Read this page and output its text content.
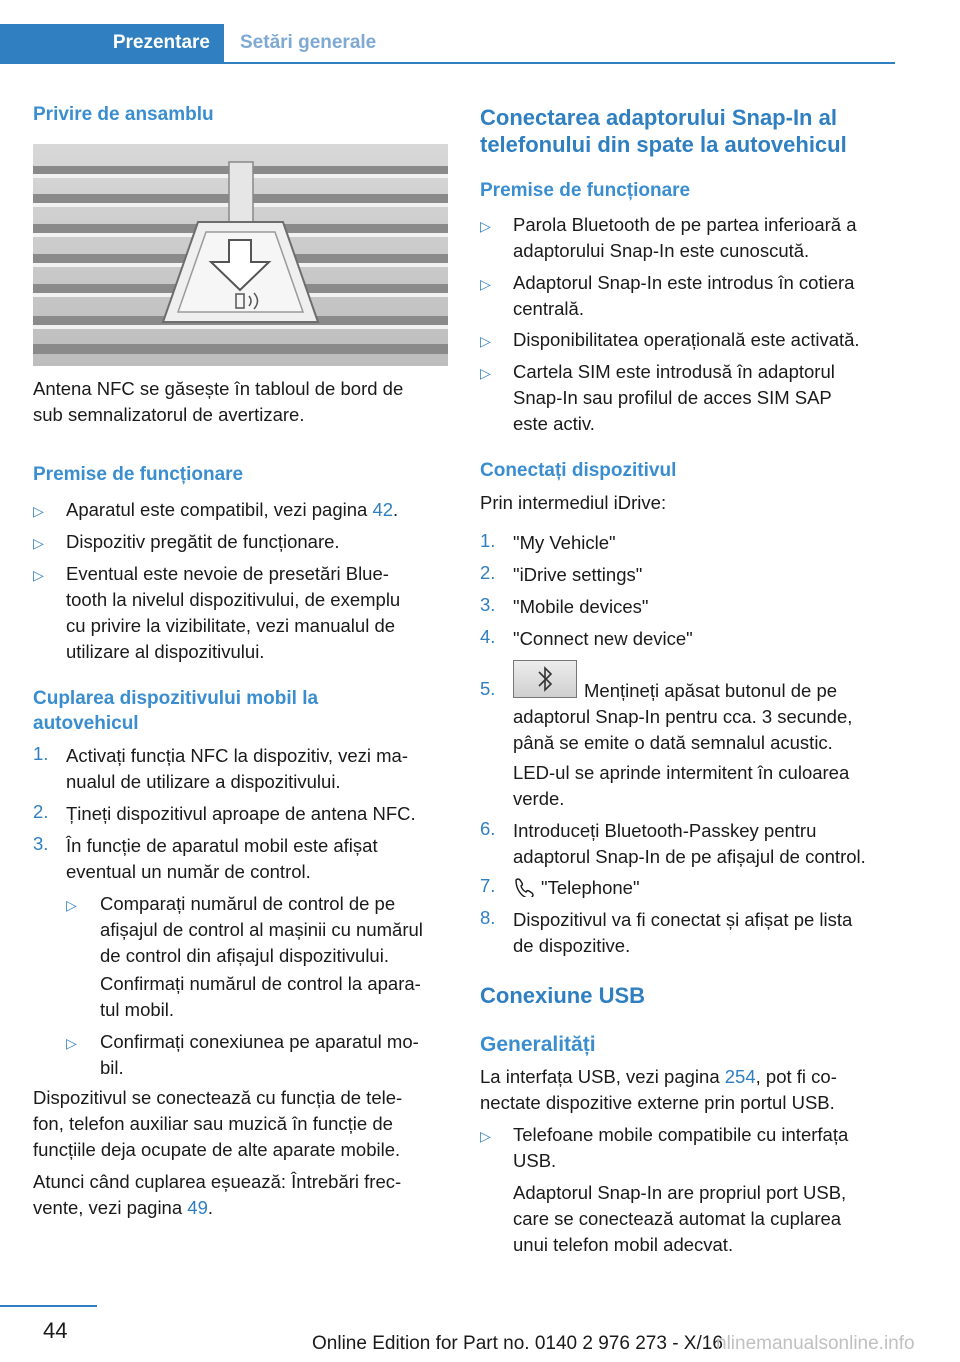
Prezentare	Setări generale
Privire de ansamblu
Antena NFC se găsește în tabloul de bord de
sub semnalizatorul de avertizare.
Premise de funcționare
▷ Aparatul este compatibil, vezi pagina 42.
▷ Dispozitiv pregătit de funcționare.
▷ Eventual este nevoie de presetări Blue-
tooth la nivelul dispozitivului, de exemplu
cu privire la vizibilitate, vezi manualul de
utilizare al dispozitivului.
Cuplarea dispozitivului mobil la
autovehicul
1. Activați funcția NFC la dispozitiv, vezi ma-
nualul de utilizare a dispozitivului.
2. Țineți dispozitivul aproape de antena NFC.
3. În funcție de aparatul mobil este afișat
eventual un număr de control.
▷ Comparați numărul de control de pe
afișajul de control al mașinii cu numărul
de control din afișajul dispozitivului.
Confirmați numărul de control la apara-
tul mobil.
▷ Confirmați conexiunea pe aparatul mo-
bil.
Dispozitivul se conectează cu funcția de tele-
fon, telefon auxiliar sau muzică în funcție de
funcțiile deja ocupate de alte aparate mobile.
Atunci când cuplarea eșuează: Întrebări frec-
vente, vezi pagina 49.
Conectarea adaptorului Snap-In al
telefonului din spate la autovehicul
Premise de funcționare
▷ Parola Bluetooth de pe partea inferioară a
adaptorului Snap-In este cunoscută.
▷ Adaptorul Snap-In este introdus în cotiera
centrală.
▷ Disponibilitatea operațională este activată.
▷ Cartela SIM este introdusă în adaptorul
Snap-In sau profilul de acces SIM SAP
este activ.
Conectați dispozitivul
Prin intermediul iDrive:
1. "My Vehicle"
2. "iDrive settings"
3. "Mobile devices"
4. "Connect new device"
5.	Mențineți apăsat butonul de pe
adaptorul Snap-In pentru cca. 3 secunde,
până se emite o dată semnalul acustic.
LED-ul se aprinde intermitent în culoarea
verde.
6. Introduceți Bluetooth-Passkey pentru
adaptorul Snap-In de pe afișajul de control.
7. "Telephone"
8. Dispozitivul va fi conectat și afișat pe lista
de dispozitive.
Conexiune USB
Generalități
La interfața USB, vezi pagina 254, pot fi co-
nectate dispozitive externe prin portul USB.
▷ Telefoane mobile compatibile cu interfața
USB.
Adaptorul Snap-In are propriul port USB,
care se conectează automat la cuplarea
unui telefon mobil adecvat.
44
Online Edition for Part no. 0140 2 976 273 - X/16
nlinemanualsonline.info
